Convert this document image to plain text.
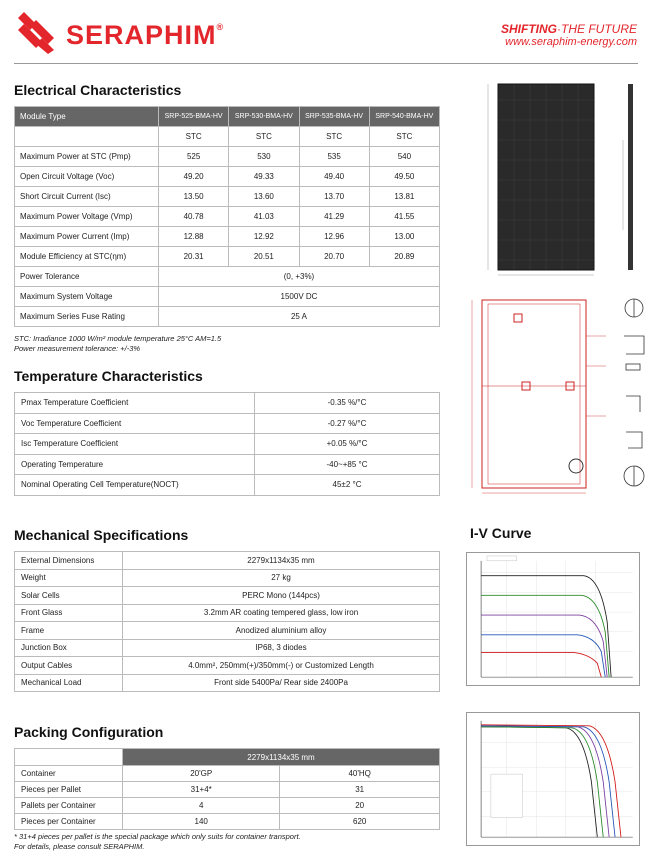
SERAPHIM®	SHIFTING·THE FUTURE
www.seraphim-energy.com
Electrical Characteristics
Module Type	SRP-525-BMA-HV	SRP-530-BMA-HV	SRP-535-BMA-HV	SRP-540-BMA-HV
	STC	STC	STC	STC
Maximum Power at STC (Pmp)	525	530	535	540
Open Circuit Voltage (Voc)	49.20	49.33	49.40	49.50
Short Circuit Current (Isc)	13.50	13.60	13.70	13.81
Maximum Power Voltage (Vmp)	40.78	41.03	41.29	41.55
Maximum Power Current (Imp)	12.88	12.92	12.96	13.00
Module Efficiency at STC(ηm)	20.31	20.51	20.70	20.89
Power Tolerance	(0, +3%)			
Maximum System Voltage	1500V DC			
Maximum Series Fuse Rating	25 A			
STC: Irradiance 1000 W/m² module temperature 25°C AM=1.5
Power measurement tolerance: +/-3%
Temperature Characteristics
Pmax Temperature Coefficient	-0.35 %/°C
Voc Temperature Coefficient	-0.27 %/°C
Isc Temperature Coefficient	+0.05 %/°C
Operating Temperature	-40~+85 °C
Nominal Operating Cell Temperature(NOCT)	45±2 °C
Mechanical Specifications
External Dimensions	2279x1134x35 mm
Weight	27 kg
Solar Cells	PERC Mono (144pcs)
Front Glass	3.2mm AR coating tempered glass, low iron
Frame	Anodized aluminium alloy
Junction Box	IP68, 3 diodes
Output Cables	4.0mm², 250mm(+)/350mm(-) or Customized Length
Mechanical Load	Front side 5400Pa/ Rear side 2400Pa
Packing Configuration
	2279x1134x35 mm	
Container	20'GP	40'HQ
Pieces per Pallet	31+4*	31
Pallets per Container	4	20
Pieces per Container	140	620
* 31+4 pieces per pallet is the special package which only suits for container transport.
For details, please consult SERAPHIM.
I-V Curve
